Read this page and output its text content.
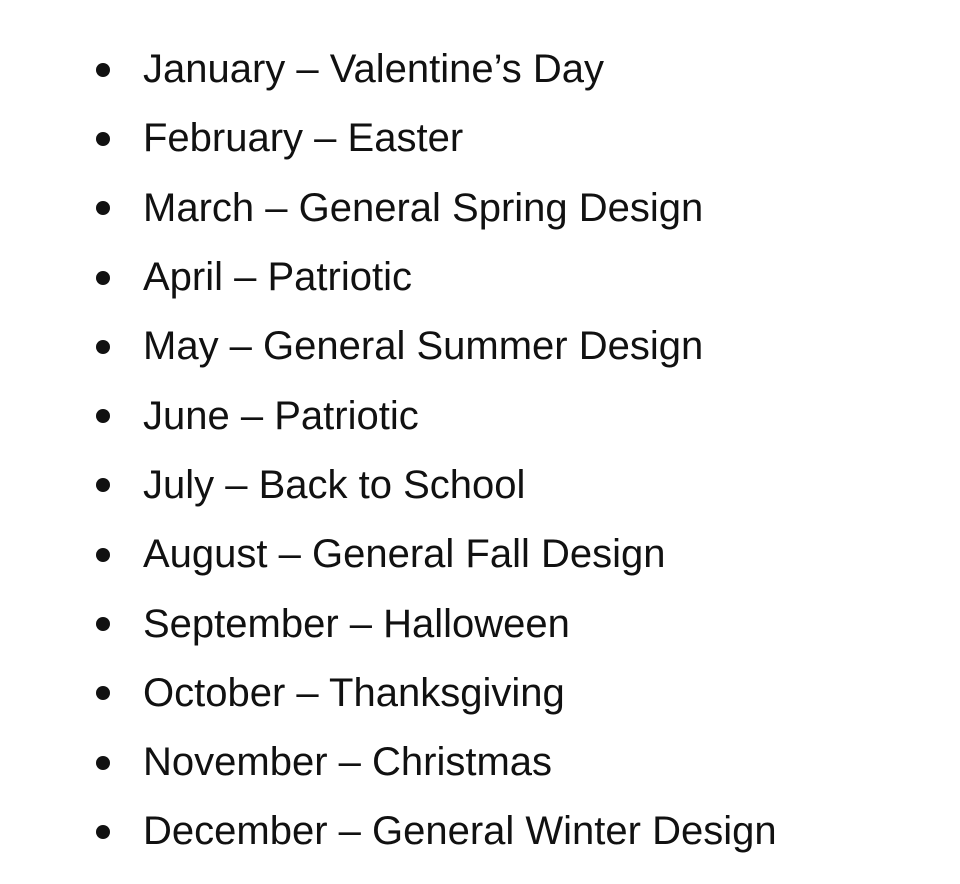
January – Valentine’s Day
February – Easter
March – General Spring Design
April – Patriotic
May – General Summer Design
June – Patriotic
July – Back to School
August – General Fall Design
September – Halloween
October – Thanksgiving
November – Christmas
December – General Winter Design
